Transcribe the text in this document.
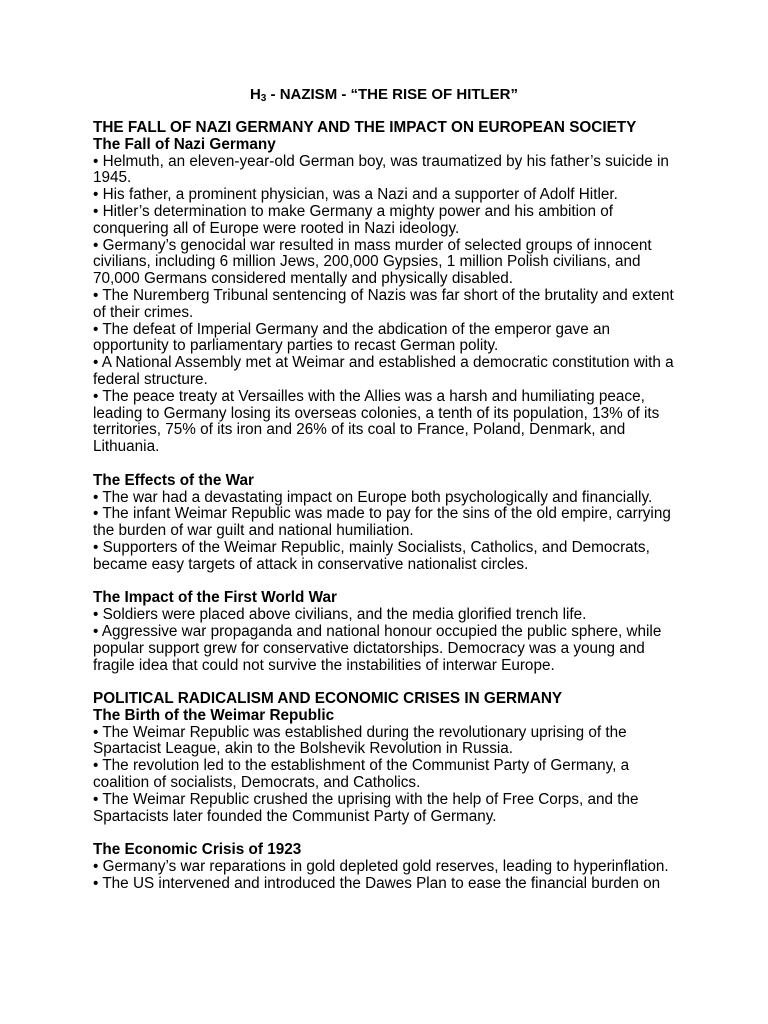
$H_3$ - NAZISM - “THE RISE OF HITLER”
THE FALL OF NAZI GERMANY AND THE IMPACT ON EUROPEAN SOCIETY
The Fall of Nazi Germany

• Helmuth, an eleven-year-old German boy, was traumatized by his father’s suicide in 1945.

• His father, a prominent physician, was a Nazi and a supporter of Adolf Hitler.

• Hitler’s determination to make Germany a mighty power and his ambition of conquering all of Europe were rooted in Nazi ideology.

• Germany’s genocidal war resulted in mass murder of selected groups of innocent civilians, including 6 million Jews, 200,000 Gypsies, 1 million Polish civilians, and 70,000 Germans considered mentally and physically disabled.

• The Nuremberg Tribunal sentencing of Nazis was far short of the brutality and extent of their crimes.

• The defeat of Imperial Germany and the abdication of the emperor gave an opportunity to parliamentary parties to recast German polity.

• A National Assembly met at Weimar and established a democratic constitution with a federal structure.

• The peace treaty at Versailles with the Allies was a harsh and humiliating peace, leading to Germany losing its overseas colonies, a tenth of its population, 13% of its territories, 75% of its iron and 26% of its coal to France, Poland, Denmark, and Lithuania.

The Effects of the War

• The war had a devastating impact on Europe both psychologically and financially.

• The infant Weimar Republic was made to pay for the sins of the old empire, carrying the burden of war guilt and national humiliation.

• Supporters of the Weimar Republic, mainly Socialists, Catholics, and Democrats, became easy targets of attack in conservative nationalist circles.

The Impact of the First World War

• Soldiers were placed above civilians, and the media glorified trench life.

• Aggressive war propaganda and national honour occupied the public sphere, while popular support grew for conservative dictatorships. Democracy was a young and fragile idea that could not survive the instabilities of interwar Europe.

POLITICAL RADICALISM AND ECONOMIC CRISES IN GERMANY
The Birth of the Weimar Republic

• The Weimar Republic was established during the revolutionary uprising of the Spartacist League, akin to the Bolshevik Revolution in Russia.

• The revolution led to the establishment of the Communist Party of Germany, a coalition of socialists, Democrats, and Catholics.

• The Weimar Republic crushed the uprising with the help of Free Corps, and the Spartacists later founded the Communist Party of Germany.

The Economic Crisis of 1923

• Germany’s war reparations in gold depleted gold reserves, leading to hyperinflation.

• The US intervened and introduced the Dawes Plan to ease the financial burden on
